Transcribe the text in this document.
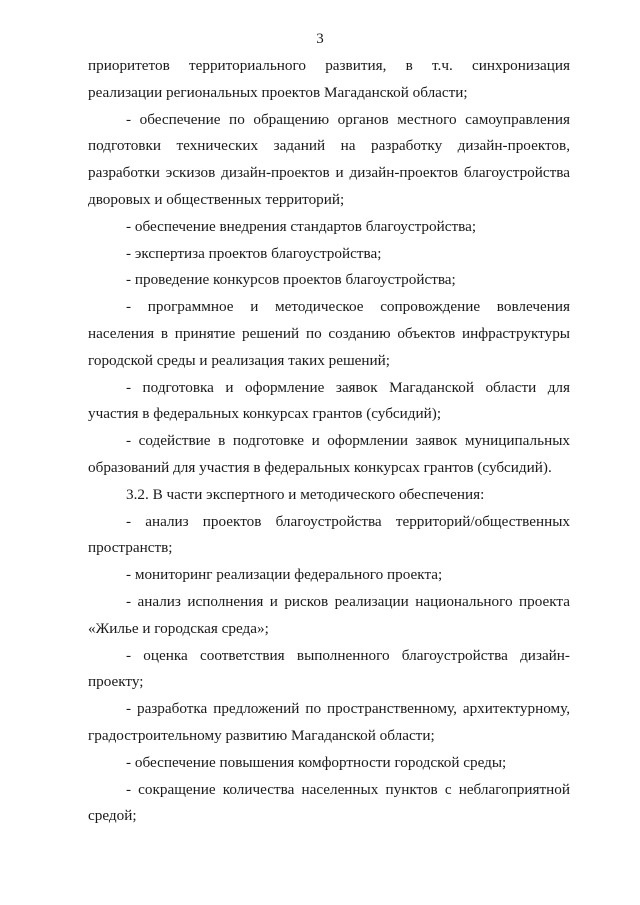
3

приоритетов территориального развития, в т.ч. синхронизация реализации региональных проектов Магаданской области;

- обеспечение по обращению органов местного самоуправления подготовки технических заданий на разработку дизайн-проектов, разработки эскизов дизайн-проектов и дизайн-проектов благоустройства дворовых и общественных территорий;

- обеспечение внедрения стандартов благоустройства;

- экспертиза проектов благоустройства;

- проведение конкурсов проектов благоустройства;

- программное и методическое сопровождение вовлечения населения в принятие решений по созданию объектов инфраструктуры городской среды и реализация таких решений;

- подготовка и оформление заявок Магаданской области для участия в федеральных конкурсах грантов (субсидий);

- содействие в подготовке и оформлении заявок муниципальных образований для участия в федеральных конкурсах грантов (субсидий).

3.2. В части экспертного и методического обеспечения:

- анализ проектов благоустройства территорий/общественных пространств;

- мониторинг реализации федерального проекта;

- анализ исполнения и рисков реализации национального проекта «Жилье и городская среда»;

- оценка соответствия выполненного благоустройства дизайн-проекту;

- разработка предложений по пространственному, архитектурному, градостроительному развитию Магаданской области;

- обеспечение повышения комфортности городской среды;

- сокращение количества населенных пунктов с неблагоприятной средой;
